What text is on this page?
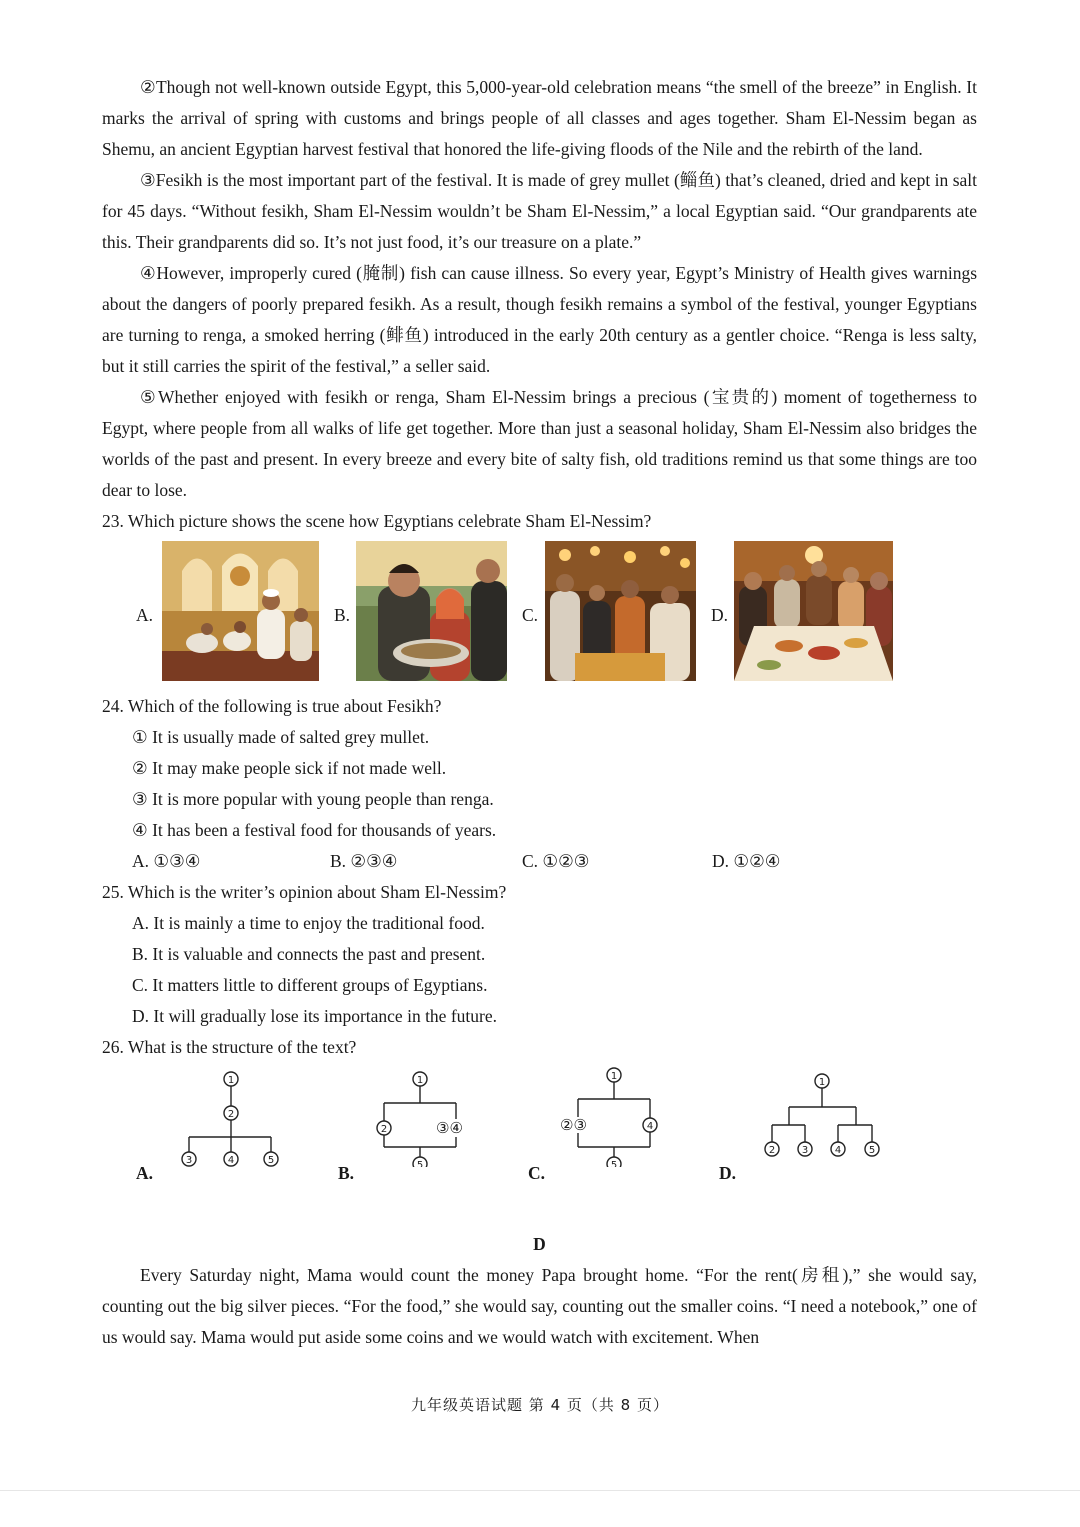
②Though not well-known outside Egypt, this 5,000-year-old celebration means “the smell of the breeze” in English. It marks the arrival of spring with customs and brings people of all classes and ages together. Sham El-Nessim began as Shemu, an ancient Egyptian harvest festival that honored the life-giving floods of the Nile and the rebirth of the land.

③Fesikh is the most important part of the festival. It is made of grey mullet (鲻鱼) that’s cleaned, dried and kept in salt for 45 days. “Without fesikh, Sham El-Nessim wouldn’t be Sham El-Nessim,” a local Egyptian said. “Our grandparents ate this. Their grandparents did so. It’s not just food, it’s our treasure on a plate.”

④However, improperly cured (腌制) fish can cause illness. So every year, Egypt’s Ministry of Health gives warnings about the dangers of poorly prepared fesikh. As a result, though fesikh remains a symbol of the festival, younger Egyptians are turning to renga, a smoked herring (鲱鱼) introduced in the early 20th century as a gentler choice. “Renga is less salty, but it still carries the spirit of the festival,” a seller said.

⑤Whether enjoyed with fesikh or renga, Sham El-Nessim brings a precious (宝贵的) moment of togetherness to Egypt, where people from all walks of life get together. More than just a seasonal holiday, Sham El-Nessim also bridges the worlds of the past and present. In every breeze and every bite of salty fish, old traditions remind us that some things are too dear to lose.

23. Which picture shows the scene how Egyptians celebrate Sham El-Nessim?
A.	B.	C.	D.
24. Which of the following is true about Fesikh?
① It is usually made of salted grey mullet.
② It may make people sick if not made well.
③ It is more popular with young people than renga.
④ It has been a festival food for thousands of years.
A. ①③④	B. ②③④	C. ①②③	D. ①②④
25. Which is the writer’s opinion about Sham El-Nessim?
A. It is mainly a time to enjoy the traditional food.
B. It is valuable and connects the past and present.
C. It matters little to different groups of Egyptians.
D. It will gradually lose its importance in the future.
26. What is the structure of the text?
A.
1
2
3	4	5
B.
1
2
5
③④
C.
1
4
5
②③
D.
1
2	3	4	5
D

Every Saturday night, Mama would count the money Papa brought home. “For the rent(房租),” she would say, counting out the big silver pieces. “For the food,” she would say, counting out the smaller coins. “I need a notebook,” one of us would say. Mama would put aside some coins and we would watch with excitement. When

九年级英语试题 第 4 页（共 8 页）
